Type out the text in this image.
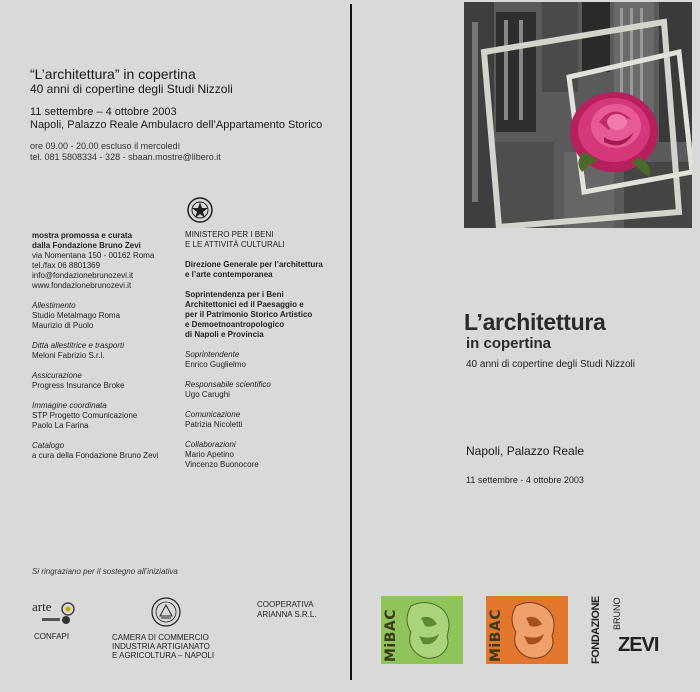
“L’architettura” in copertina
40 anni di copertine degli Studi Nizzoli
11 settembre – 4 ottobre 2003
Napoli, Palazzo Reale Ambulacro dell’Appartamento Storico
ore 09.00 - 20.00 escluso il mercoledì
tel. 081 5808334 - 328 - sbaan.mostre@libero.it
mostra promossa e curata
dalla Fondazione Bruno Zevi
via Nomentana 150 - 00162 Roma
tel./fax 06 8801369
info@fondazionebrunozevi.it
www.fondazionebrunozevi.it
Allestimento
Studio Metalmago Roma
Maurizio di Puolo
Ditta allestitrice e trasporti
Meloni Fabrizio S.r.l.
Assicurazione
Progress Insurance Broke
Immagine coordinata
STP Progetto Comunicazione
Paolo La Farina
Catalogo
a cura della Fondazione Bruno Zevi
MINISTERO PER I BENI
E LE ATTIVITÀ CULTURALI
Direzione Generale per l’architettura
e l’arte contemporanea
Soprintendenza per i Beni
Architettonici ed il Paesaggio e
per il Patrimonio Storico Artistico
e Demoetnoantropologico
di Napoli e Provincia
Soprintendente
Enrico Guglielmo
Responsabile scientifico
Ugo Carughi
Comunicazione
Patrizia Nicoletti
Collaborazioni
Mario Apetino
Vincenzo Buonocore
Si ringraziano per il sostegno all’iniziativa
arte
CONFAPI	CAMERA DI COMMERCIO
INDUSTRIA ARTIGIANATO
E AGRICOLTURA – NAPOLI
COOPERATIVA
ARIANNA S.R.L.
L’architettura
in copertina
40 anni di copertine degli Studi Nizzoli
Napoli, Palazzo Reale
11 settembre - 4 ottobre 2003
MiBAC	MiBAC	FONDAZIONE BRUNO
ZEVI
